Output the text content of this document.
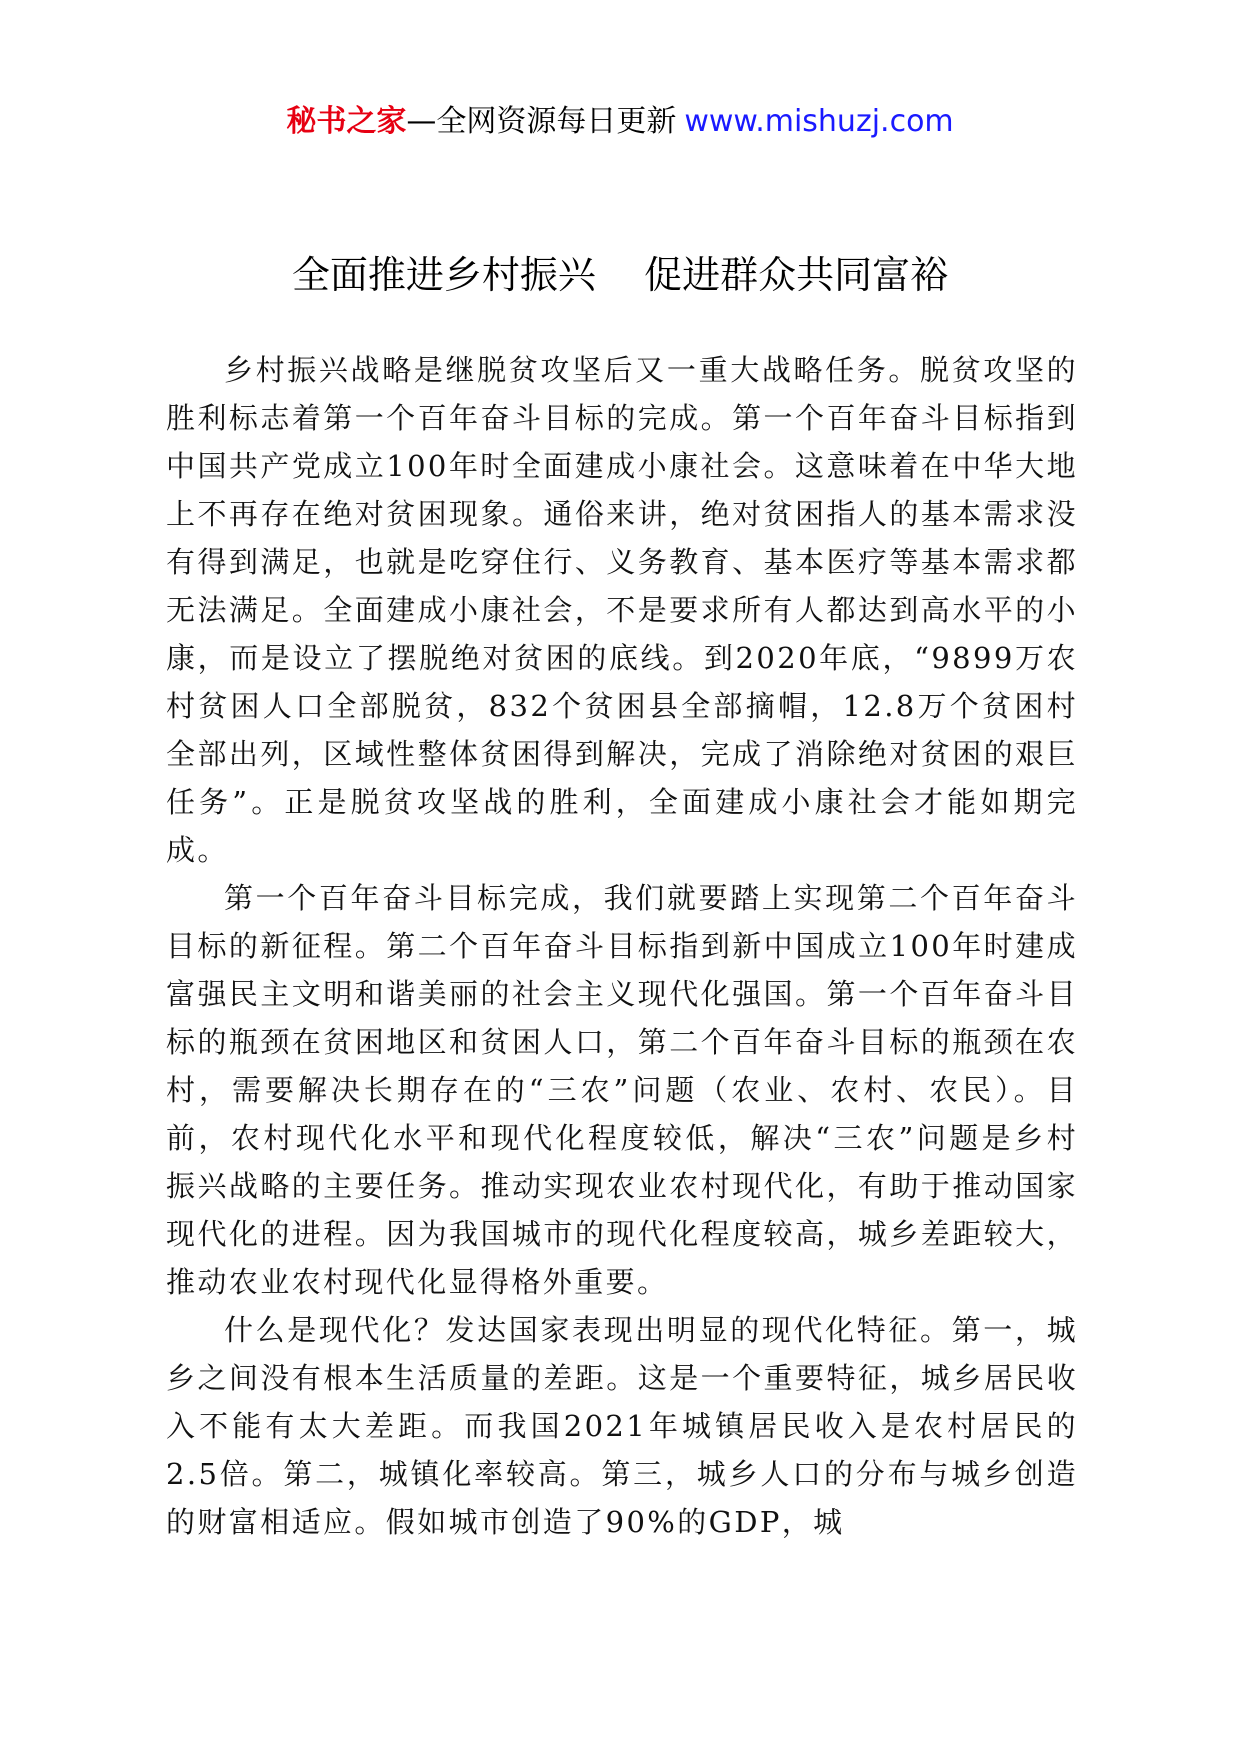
秘书之家—全网资源每日更新 www.mishuzj.com
全面推进乡村振兴    促进群众共同富裕

乡村振兴战略是继脱贫攻坚后又一重大战略任务。脱贫攻坚的胜利标志着第一个百年奋斗目标的完成。第一个百年奋斗目标指到中国共产党成立100年时全面建成小康社会。这意味着在中华大地上不再存在绝对贫困现象。通俗来讲，绝对贫困指人的基本需求没有得到满足，也就是吃穿住行、义务教育、基本医疗等基本需求都无法满足。全面建成小康社会，不是要求所有人都达到高水平的小康，而是设立了摆脱绝对贫困的底线。到2020年底，“9899万农村贫困人口全部脱贫，832个贫困县全部摘帽，12.8万个贫困村全部出列，区域性整体贫困得到解决，完成了消除绝对贫困的艰巨任务”。正是脱贫攻坚战的胜利，全面建成小康社会才能如期完成。

第一个百年奋斗目标完成，我们就要踏上实现第二个百年奋斗目标的新征程。第二个百年奋斗目标指到新中国成立100年时建成富强民主文明和谐美丽的社会主义现代化强国。第一个百年奋斗目标的瓶颈在贫困地区和贫困人口，第二个百年奋斗目标的瓶颈在农村，需要解决长期存在的“三农”问题（农业、农村、农民）。目前，农村现代化水平和现代化程度较低，解决“三农”问题是乡村振兴战略的主要任务。推动实现农业农村现代化，有助于推动国家现代化的进程。因为我国城市的现代化程度较高，城乡差距较大，推动农业农村现代化显得格外重要。

什么是现代化？发达国家表现出明显的现代化特征。第一，城乡之间没有根本生活质量的差距。这是一个重要特征，城乡居民收入不能有太大差距。而我国2021年城镇居民收入是农村居民的2.5倍。第二，城镇化率较高。第三，城乡人口的分布与城乡创造的财富相适应。假如城市创造了90%的GDP，城
